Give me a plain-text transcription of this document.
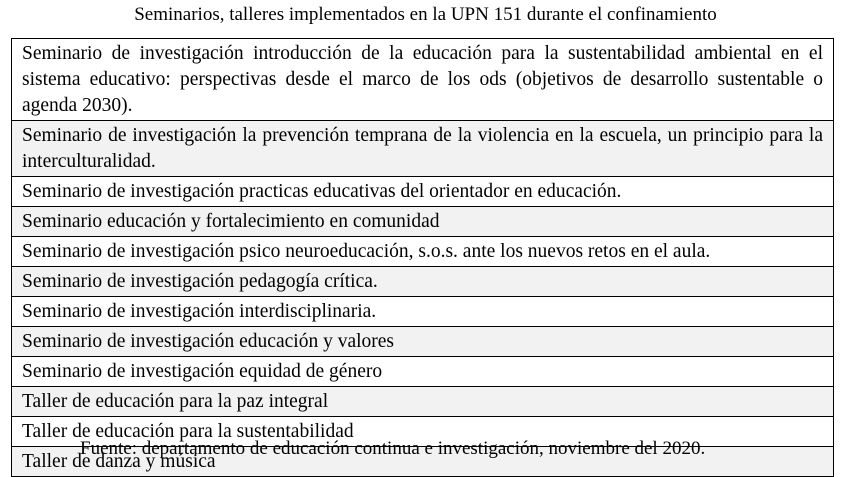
Seminarios, talleres implementados en la UPN 151 durante el confinamiento
Seminario de investigación introducción de la educación para la sustentabilidad ambiental en el sistema educativo: perspectivas desde el marco de los ods (objetivos de desarrollo sustentable o agenda 2030).
Seminario de investigación la prevención temprana de la violencia en la escuela, un principio para la interculturalidad.
Seminario de investigación practicas educativas del orientador en educación.
Seminario educación y fortalecimiento en comunidad
Seminario de investigación psico neuroeducación, s.o.s. ante los nuevos retos en el aula.
Seminario de investigación pedagogía crítica.
Seminario de investigación interdisciplinaria.
Seminario de investigación educación y valores
Seminario de investigación equidad de género
Taller de educación para la paz integral
Taller de educación para la sustentabilidad
Taller de danza y música
Fuente: departamento de educación continua e investigación, noviembre del 2020.
